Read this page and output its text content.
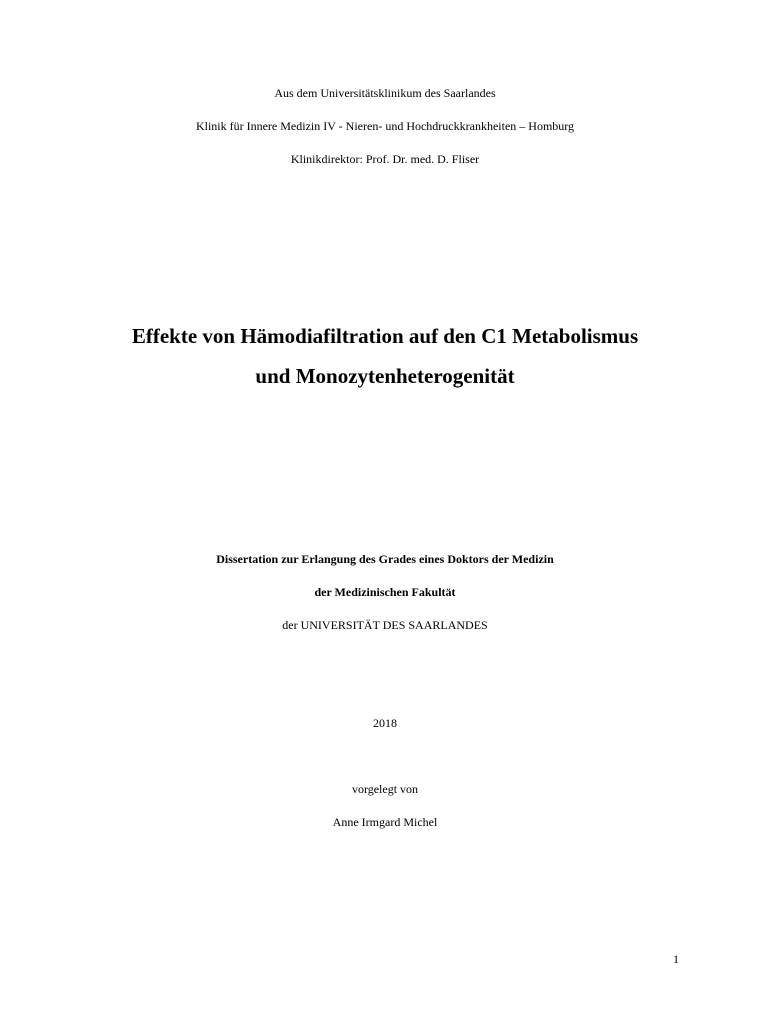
Aus dem Universitätsklinikum des Saarlandes
Klinik für Innere Medizin IV - Nieren- und Hochdruckkrankheiten – Homburg
Klinikdirektor: Prof. Dr. med. D. Fliser
Effekte von Hämodiafiltration auf den C1 Metabolismus
und Monozytenheterogenität
Dissertation zur Erlangung des Grades eines Doktors der Medizin
der Medizinischen Fakultät
der UNIVERSITÄT DES SAARLANDES
2018
vorgelegt von
Anne Irmgard Michel
1
